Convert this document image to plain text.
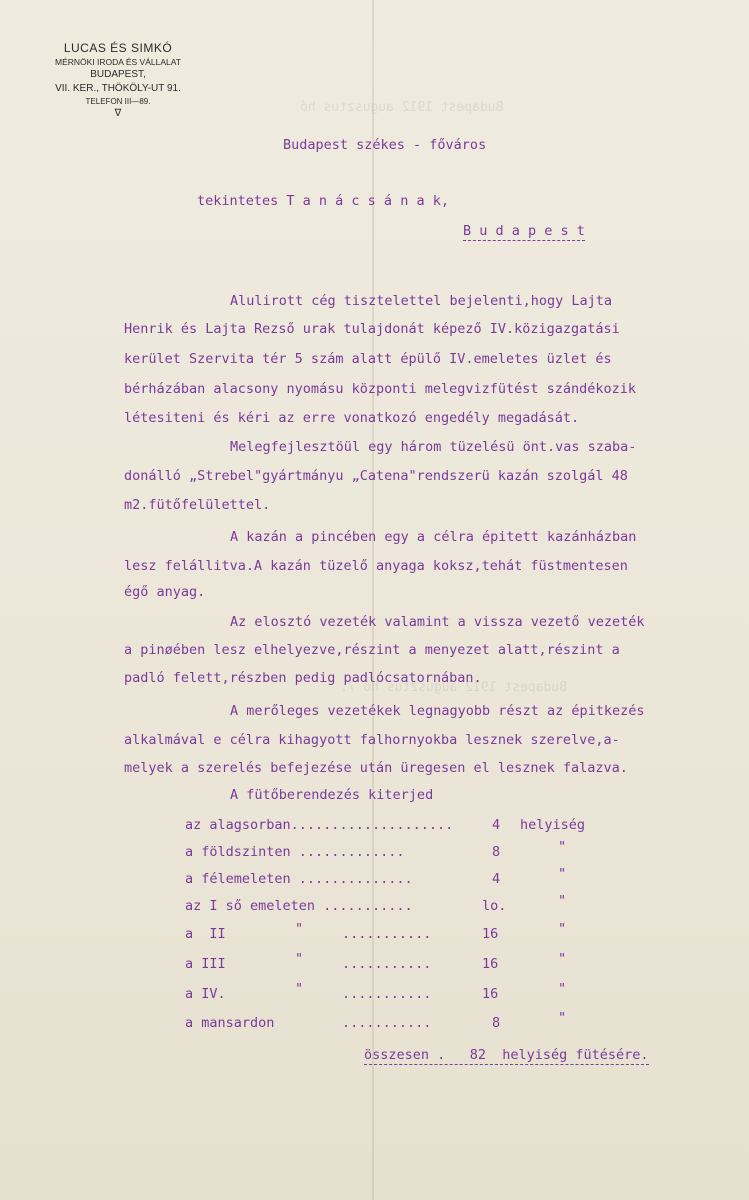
Budapest 1912 augusztus hó
Budapest 1912 augusztus hó 7.
LUCAS ÉS SIMKÓ
MÉRNÖKI IRODA ÉS VÁLLALAT
BUDAPEST,
VII. KER., THÖKÖLY-UT 91.
TELEFON III—89.
∇
Budapest székes - főváros
tekintetes T a n á c s á n a k,
B u d a p e s t
Alulirott cég tisztelettel bejelenti,hogy Lajta
Henrik és Lajta Rezső urak tulajdonát képező IV.közigazgatási
kerület Szervita tér 5 szám alatt épülő IV.emeletes üzlet és
bérházában alacsony nyomásu központi melegvizfütést szándékozik
létesiteni és kéri az erre vonatkozó engedély megadását.
Melegfejlesztöül egy három tüzelésü önt.vas szaba-
donálló „Strebel"gyártmányu „Catena"rendszerü kazán szolgál 48
m2.fütőfelülettel.
A kazán a pincében egy a célra épitett kazánházban
lesz felállitva.A kazán tüzelő anyaga koksz,tehát füstmentesen
égő anyag.
Az elosztó vezeték valamint a vissza vezető vezeték
a pinøében lesz elhelyezve,részint a menyezet alatt,részint a
padló felett,részben pedig padlócsatornában.
A merőleges vezetékek legnagyobb részt az épitkezés
alkalmával e célra kihagyott falhornyokba lesznek szerelve,a-
melyek a szerelés befejezése után üregesen el lesznek falazva.
A fütőberendezés kiterjed
az alagsorban....................	4 helyiség
a földszinten .............	8	"
a félemeleten ..............	4	"
az I ső emeleten ...........	lo.	"
a  II	"	...........	16	"
a III	"	...........	16	"
a IV.	"	...........	16	"
a mansardon	...........	8	"
összesen . 82 helyiség fütésére.
